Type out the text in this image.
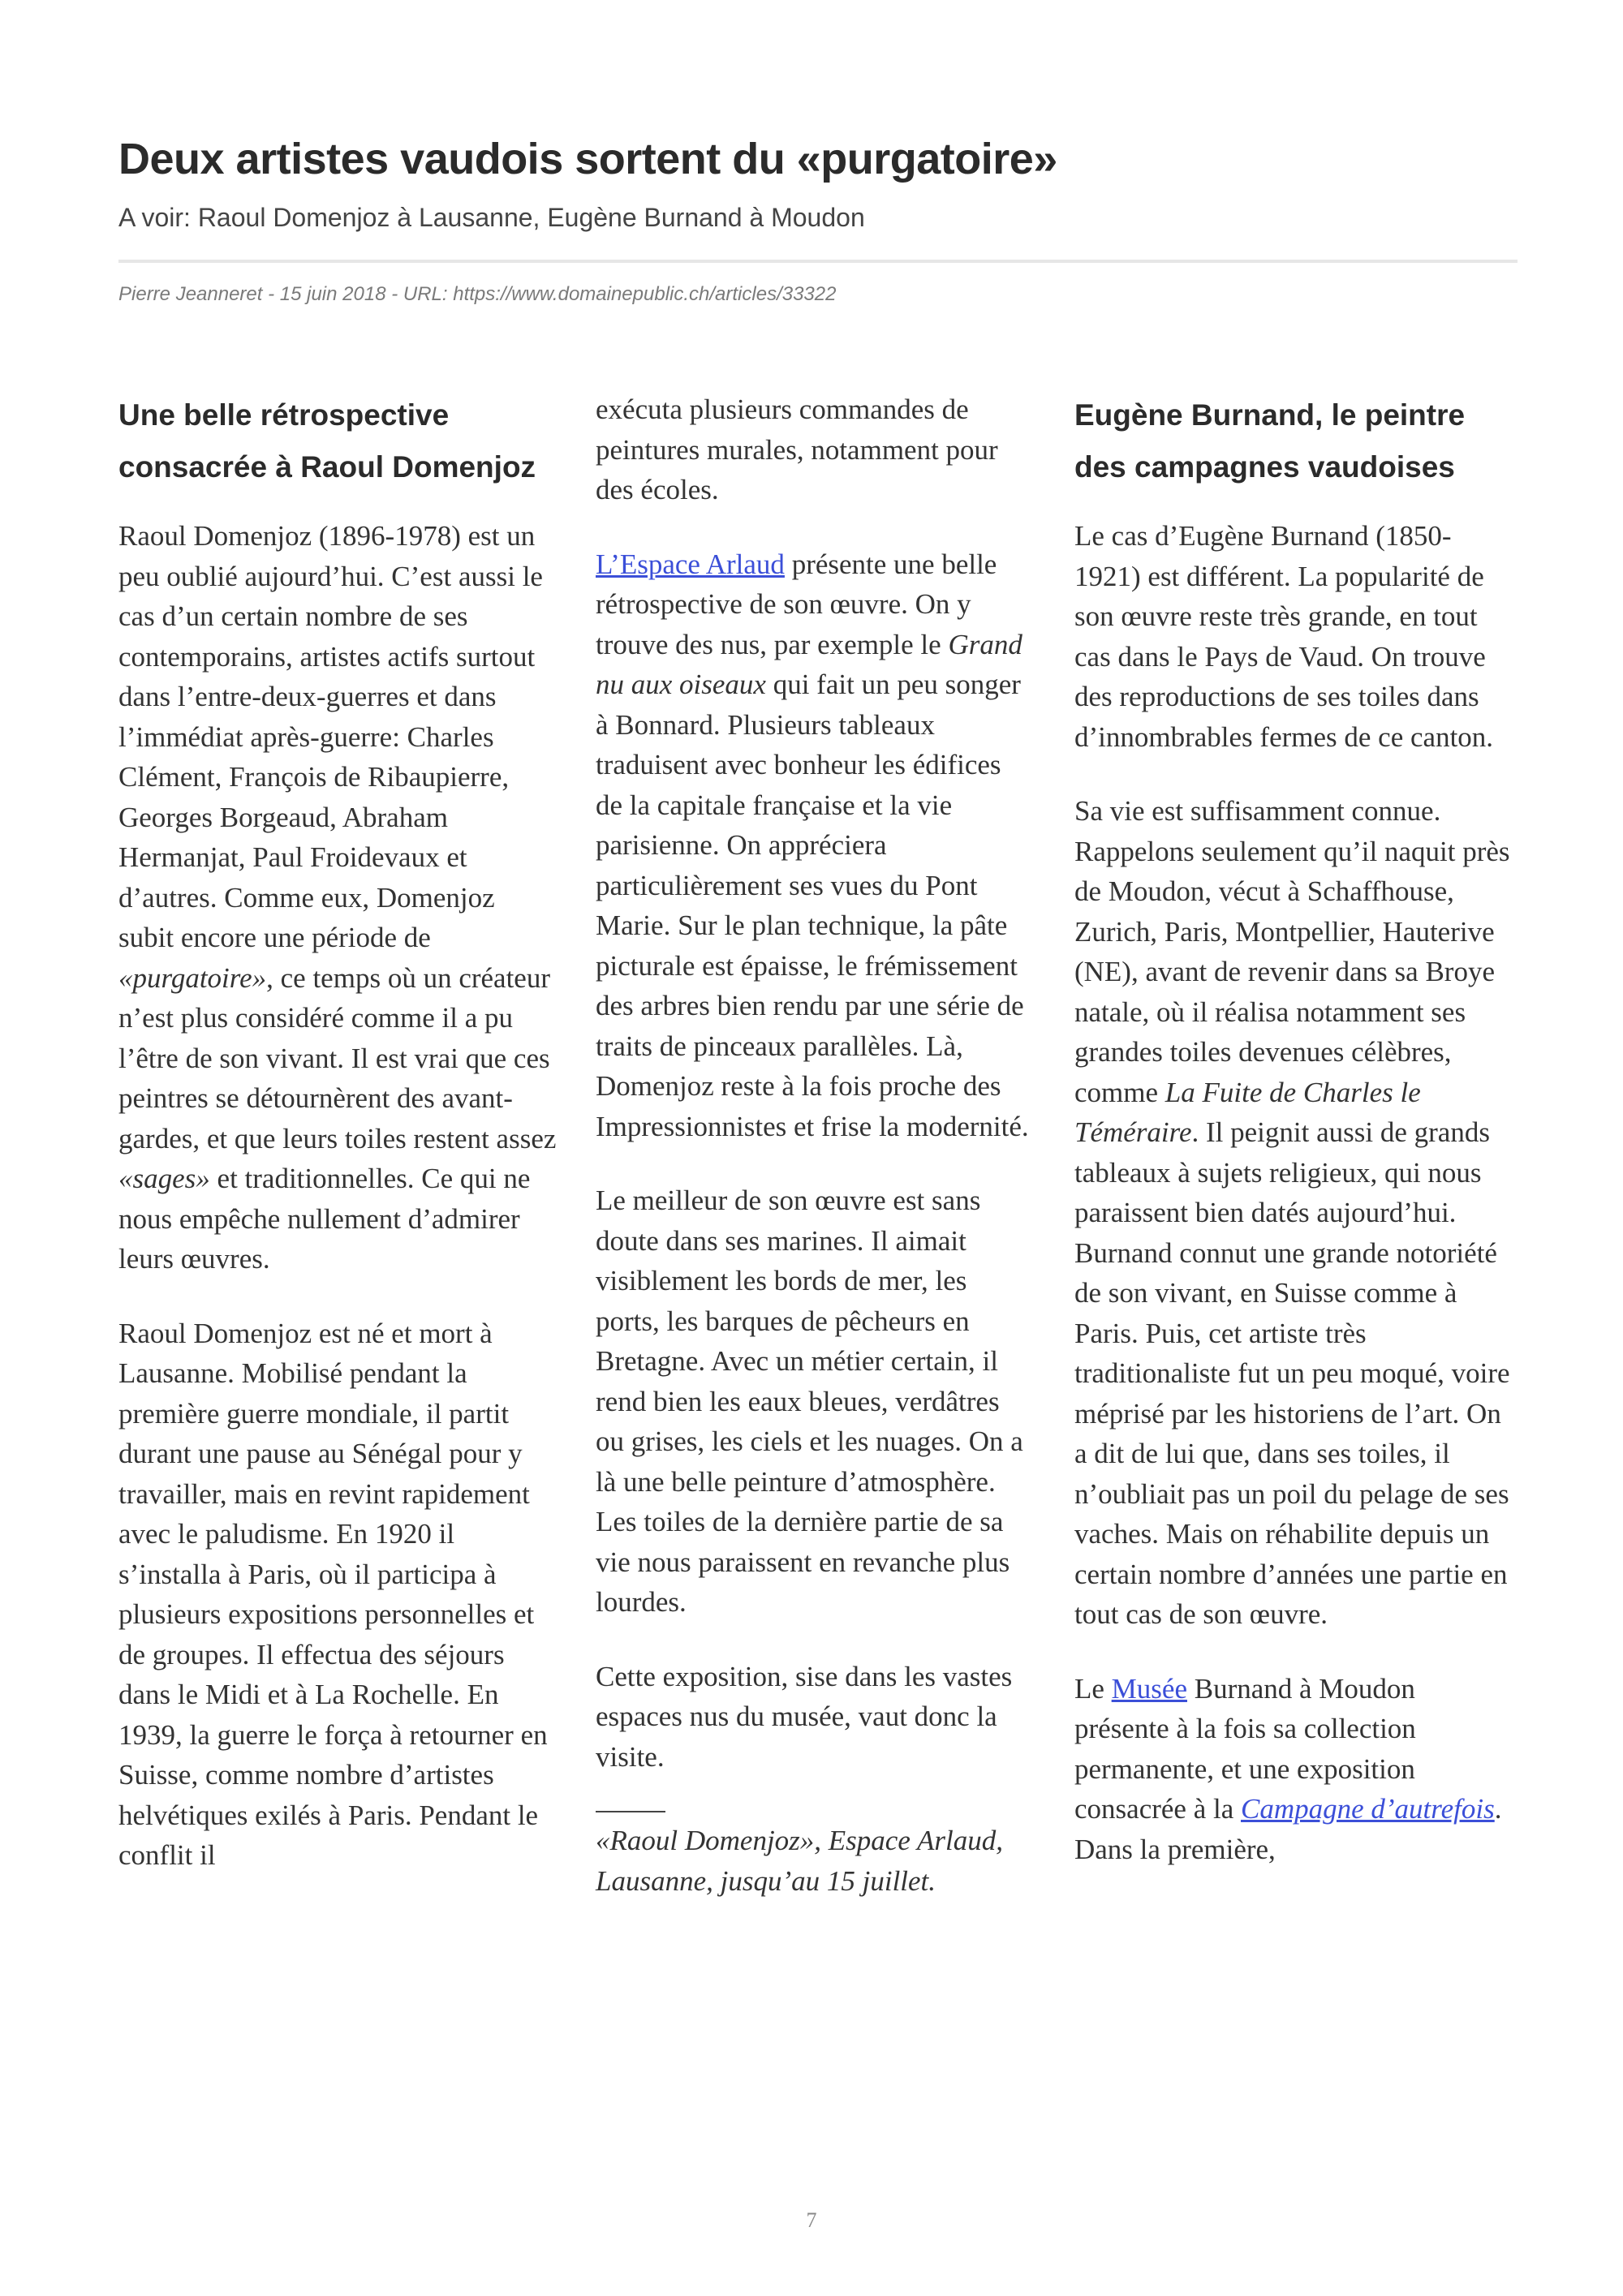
Deux artistes vaudois sortent du «purgatoire»
A voir: Raoul Domenjoz à Lausanne, Eugène Burnand à Moudon
Pierre Jeanneret - 15 juin 2018 - URL: https://www.domainepublic.ch/articles/33322
Une belle rétrospective consacrée à Raoul Domenjoz

Raoul Domenjoz (1896-1978) est un peu oublié aujourd’hui. C’est aussi le cas d’un certain nombre de ses contemporains, artistes actifs surtout dans l’entre-deux-guerres et dans l’immédiat après-guerre: Charles Clément, François de Ribaupierre, Georges Borgeaud, Abraham Hermanjat, Paul Froidevaux et d’autres. Comme eux, Domenjoz subit encore une période de «purgatoire», ce temps où un créateur n’est plus considéré comme il a pu l’être de son vivant. Il est vrai que ces peintres se détournèrent des avant-gardes, et que leurs toiles restent assez «sages» et traditionnelles. Ce qui ne nous empêche nullement d’admirer leurs œuvres.

Raoul Domenjoz est né et mort à Lausanne. Mobilisé pendant la première guerre mondiale, il partit durant une pause au Sénégal pour y travailler, mais en revint rapidement avec le paludisme. En 1920 il s’installa à Paris, où il participa à plusieurs expositions personnelles et de groupes. Il effectua des séjours dans le Midi et à La Rochelle. En 1939, la guerre le força à retourner en Suisse, comme nombre d’artistes helvétiques exilés à Paris. Pendant le conflit il

exécuta plusieurs commandes de peintures murales, notamment pour des écoles.

L’Espace Arlaud présente une belle rétrospective de son œuvre. On y trouve des nus, par exemple le Grand nu aux oiseaux qui fait un peu songer à Bonnard. Plusieurs tableaux traduisent avec bonheur les édifices de la capitale française et la vie parisienne. On appréciera particulièrement ses vues du Pont Marie. Sur le plan technique, la pâte picturale est épaisse, le frémissement des arbres bien rendu par une série de traits de pinceaux parallèles. Là, Domenjoz reste à la fois proche des Impressionnistes et frise la modernité.

Le meilleur de son œuvre est sans doute dans ses marines. Il aimait visiblement les bords de mer, les ports, les barques de pêcheurs en Bretagne. Avec un métier certain, il rend bien les eaux bleues, verdâtres ou grises, les ciels et les nuages. On a là une belle peinture d’atmosphère. Les toiles de la dernière partie de sa vie nous paraissent en revanche plus lourdes.

Cette exposition, sise dans les vastes espaces nus du musée, vaut donc la visite.

«Raoul Domenjoz», Espace Arlaud, Lausanne, jusqu’au 15 juillet.

Eugène Burnand, le peintre des campagnes vaudoises

Le cas d’Eugène Burnand (1850-1921) est différent. La popularité de son œuvre reste très grande, en tout cas dans le Pays de Vaud. On trouve des reproductions de ses toiles dans d’innombrables fermes de ce canton.

Sa vie est suffisamment connue. Rappelons seulement qu’il naquit près de Moudon, vécut à Schaffhouse, Zurich, Paris, Montpellier, Hauterive (NE), avant de revenir dans sa Broye natale, où il réalisa notamment ses grandes toiles devenues célèbres, comme La Fuite de Charles le Téméraire. Il peignit aussi de grands tableaux à sujets religieux, qui nous paraissent bien datés aujourd’hui. Burnand connut une grande notoriété de son vivant, en Suisse comme à Paris. Puis, cet artiste très traditionaliste fut un peu moqué, voire méprisé par les historiens de l’art. On a dit de lui que, dans ses toiles, il n’oubliait pas un poil du pelage de ses vaches. Mais on réhabilite depuis un certain nombre d’années une partie en tout cas de son œuvre.

Le Musée Burnand à Moudon présente à la fois sa collection permanente, et une exposition consacrée à la Campagne d’autrefois. Dans la première,

7
